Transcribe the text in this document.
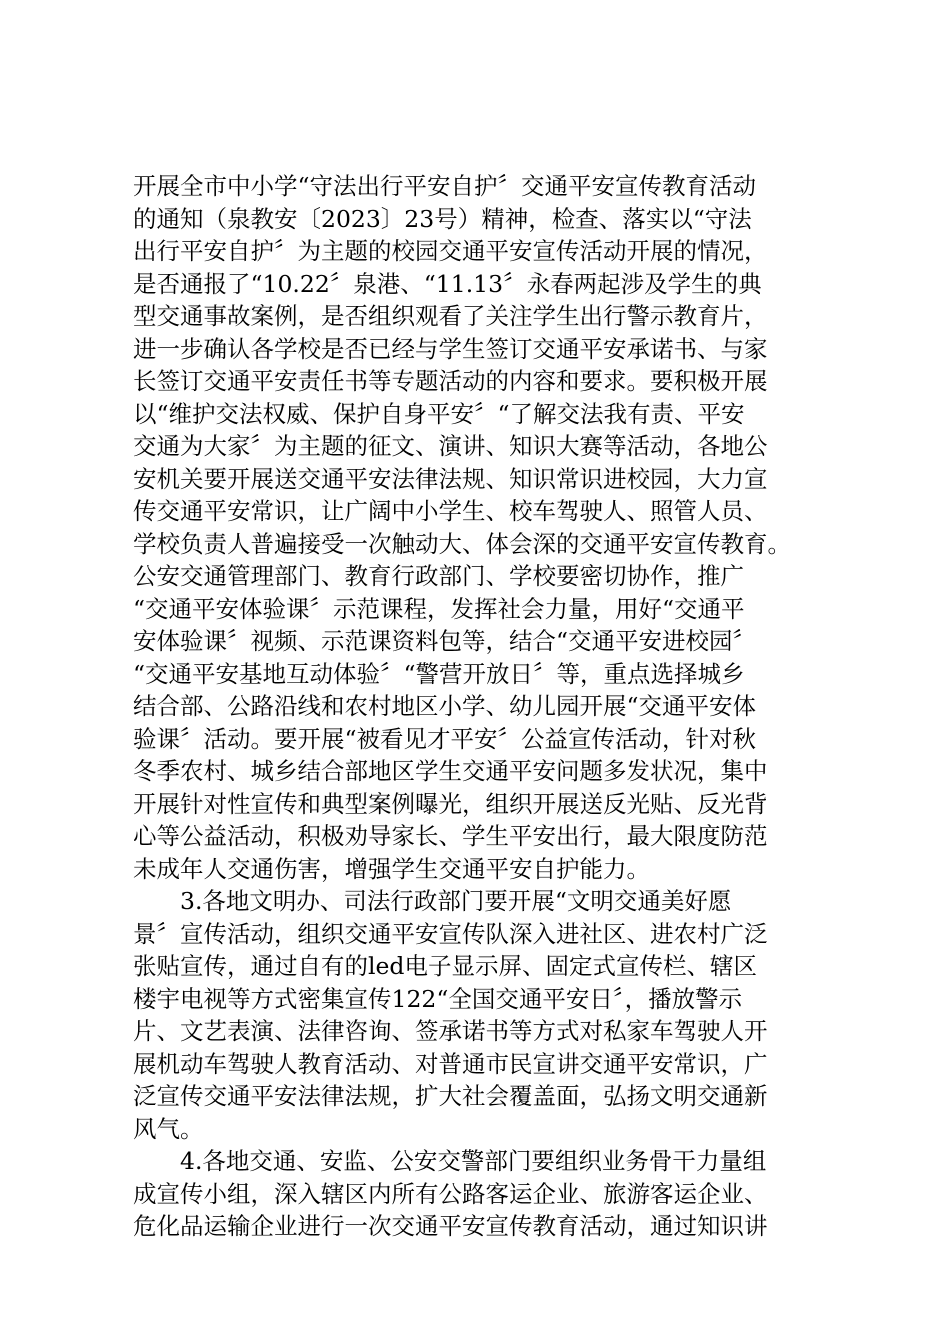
开展全市中小学“守法出行平安自护〞交通平安宣传教育活动
的通知（泉教安〔2023〕23号）精神，检查、落实以“守法
出行平安自护〞为主题的校园交通平安宣传活动开展的情况，
是否通报了“10.22〞泉港、“11.13〞永春两起涉及学生的典
型交通事故案例，是否组织观看了关注学生出行警示教育片，
进一步确认各学校是否已经与学生签订交通平安承诺书、与家
长签订交通平安责任书等专题活动的内容和要求。要积极开展
以“维护交法权威、保护自身平安〞“了解交法我有责、平安
交通为大家〞为主题的征文、演讲、知识大赛等活动，各地公
安机关要开展送交通平安法律法规、知识常识进校园，大力宣
传交通平安常识，让广阔中小学生、校车驾驶人、照管人员、
学校负责人普遍接受一次触动大、体会深的交通平安宣传教育。
公安交通管理部门、教育行政部门、学校要密切协作，推广
“交通平安体验课〞示范课程，发挥社会力量，用好“交通平
安体验课〞视频、示范课资料包等，结合“交通平安进校园〞
“交通平安基地互动体验〞“警营开放日〞等，重点选择城乡
结合部、公路沿线和农村地区小学、幼儿园开展“交通平安体
验课〞活动。要开展“被看见才平安〞公益宣传活动，针对秋
冬季农村、城乡结合部地区学生交通平安问题多发状况，集中
开展针对性宣传和典型案例曝光，组织开展送反光贴、反光背
心等公益活动，积极劝导家长、学生平安出行，最大限度防范
未成年人交通伤害，增强学生交通平安自护能力。
3.各地文明办、司法行政部门要开展“文明交通美好愿
景〞宣传活动，组织交通平安宣传队深入进社区、进农村广泛
张贴宣传，通过自有的led电子显示屏、固定式宣传栏、辖区
楼宇电视等方式密集宣传122“全国交通平安日〞，播放警示
片、文艺表演、法律咨询、签承诺书等方式对私家车驾驶人开
展机动车驾驶人教育活动、对普通市民宣讲交通平安常识，广
泛宣传交通平安法律法规，扩大社会覆盖面，弘扬文明交通新
风气。
4.各地交通、安监、公安交警部门要组织业务骨干力量组
成宣传小组，深入辖区内所有公路客运企业、旅游客运企业、
危化品运输企业进行一次交通平安宣传教育活动，通过知识讲
